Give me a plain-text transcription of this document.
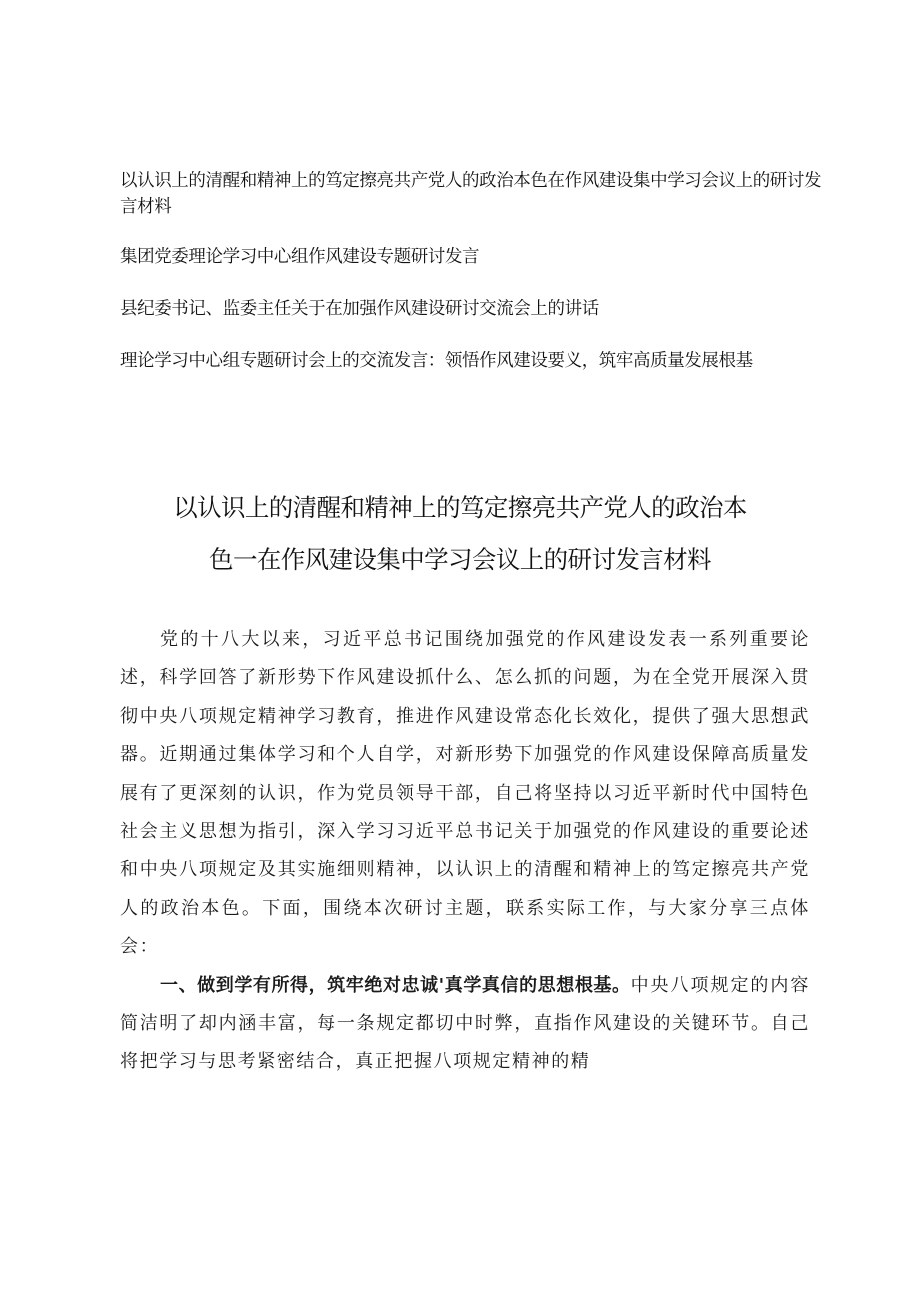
以认识上的清醒和精神上的笃定擦亮共产党人的政治本色在作风建设集中学习会议上的研讨发言材料
集团党委理论学习中心组作风建设专题研讨发言
县纪委书记、监委主任关于在加强作风建设研讨交流会上的讲话
理论学习中心组专题研讨会上的交流发言：领悟作风建设要义，筑牢高质量发展根基
以认识上的清醒和精神上的笃定擦亮共产党人的政治本
色一在作风建设集中学习会议上的研讨发言材料

党的十八大以来，习近平总书记围绕加强党的作风建设发表一系列重要论述，科学回答了新形势下作风建设抓什么、怎么抓的问题，为在全党开展深入贯彻中央八项规定精神学习教育，推进作风建设常态化长效化，提供了强大思想武器。近期通过集体学习和个人自学，对新形势下加强党的作风建设保障高质量发展有了更深刻的认识，作为党员领导干部，自己将坚持以习近平新时代中国特色社会主义思想为指引，深入学习习近平总书记关于加强党的作风建设的重要论述和中央八项规定及其实施细则精神，以认识上的清醒和精神上的笃定擦亮共产党人的政治本色。下面，围绕本次研讨主题，联系实际工作，与大家分享三点体会：

一、做到学有所得，筑牢绝对忠诚'真学真信的思想根基。中央八项规定的内容简洁明了却内涵丰富，每一条规定都切中时弊，直指作风建设的关键环节。自己将把学习与思考紧密结合，真正把握八项规定精神的精
